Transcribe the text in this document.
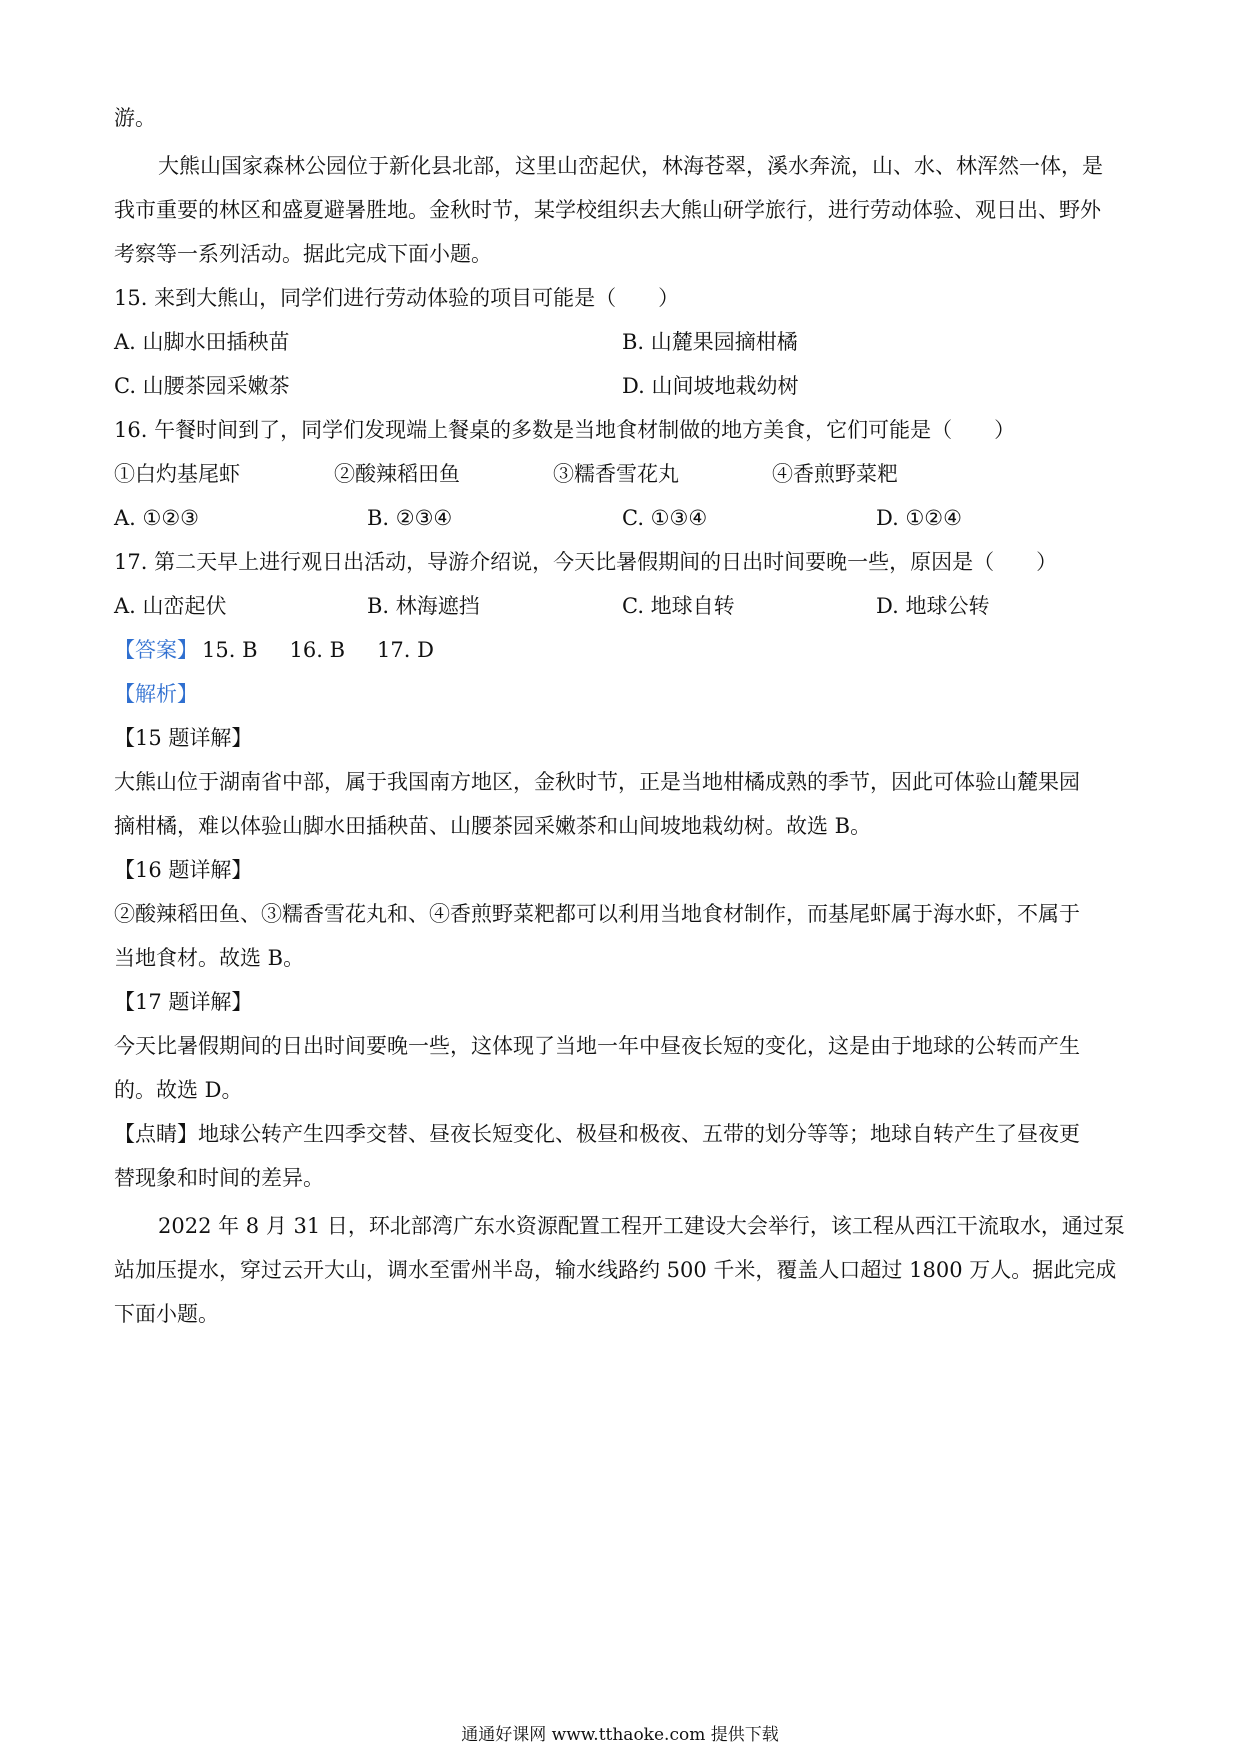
游。
大熊山国家森林公园位于新化县北部，这里山峦起伏，林海苍翠，溪水奔流，山、水、林浑然一体，是
我市重要的林区和盛夏避暑胜地。金秋时节，某学校组织去大熊山研学旅行，进行劳动体验、观日出、野外
考察等一系列活动。据此完成下面小题。
15. 来到大熊山，同学们进行劳动体验的项目可能是（　　）
A. 山脚水田插秧苗	B. 山麓果园摘柑橘
C. 山腰茶园采嫩茶	D. 山间坡地栽幼树
16. 午餐时间到了，同学们发现端上餐桌的多数是当地食材制做的地方美食，它们可能是（　　）
①白灼基尾虾	②酸辣稻田鱼	③糯香雪花丸	④香煎野菜粑
A. ①②③	B. ②③④	C. ①③④	D. ①②④
17. 第二天早上进行观日出活动，导游介绍说，今天比暑假期间的日出时间要晚一些，原因是（　　）
A. 山峦起伏	B. 林海遮挡	C. 地球自转	D. 地球公转
【答案】 15. B 16. B 17. D
【解析】
【15 题详解】
大熊山位于湖南省中部，属于我国南方地区，金秋时节，正是当地柑橘成熟的季节，因此可体验山麓果园
摘柑橘，难以体验山脚水田插秧苗、山腰茶园采嫩茶和山间坡地栽幼树。故选 B。
【16 题详解】
②酸辣稻田鱼、③糯香雪花丸和、④香煎野菜粑都可以利用当地食材制作，而基尾虾属于海水虾，不属于
当地食材。故选 B。
【17 题详解】
今天比暑假期间的日出时间要晚一些，这体现了当地一年中昼夜长短的变化，这是由于地球的公转而产生
的。故选 D。
【点睛】地球公转产生四季交替、昼夜长短变化、极昼和极夜、五带的划分等等；地球自转产生了昼夜更
替现象和时间的差异。
2022 年 8 月 31 日，环北部湾广东水资源配置工程开工建设大会举行，该工程从西江干流取水，通过泵
站加压提水，穿过云开大山，调水至雷州半岛，输水线路约 500 千米，覆盖人口超过 1800 万人。据此完成
下面小题。
通通好课网 www.tthaoke.com 提供下载
